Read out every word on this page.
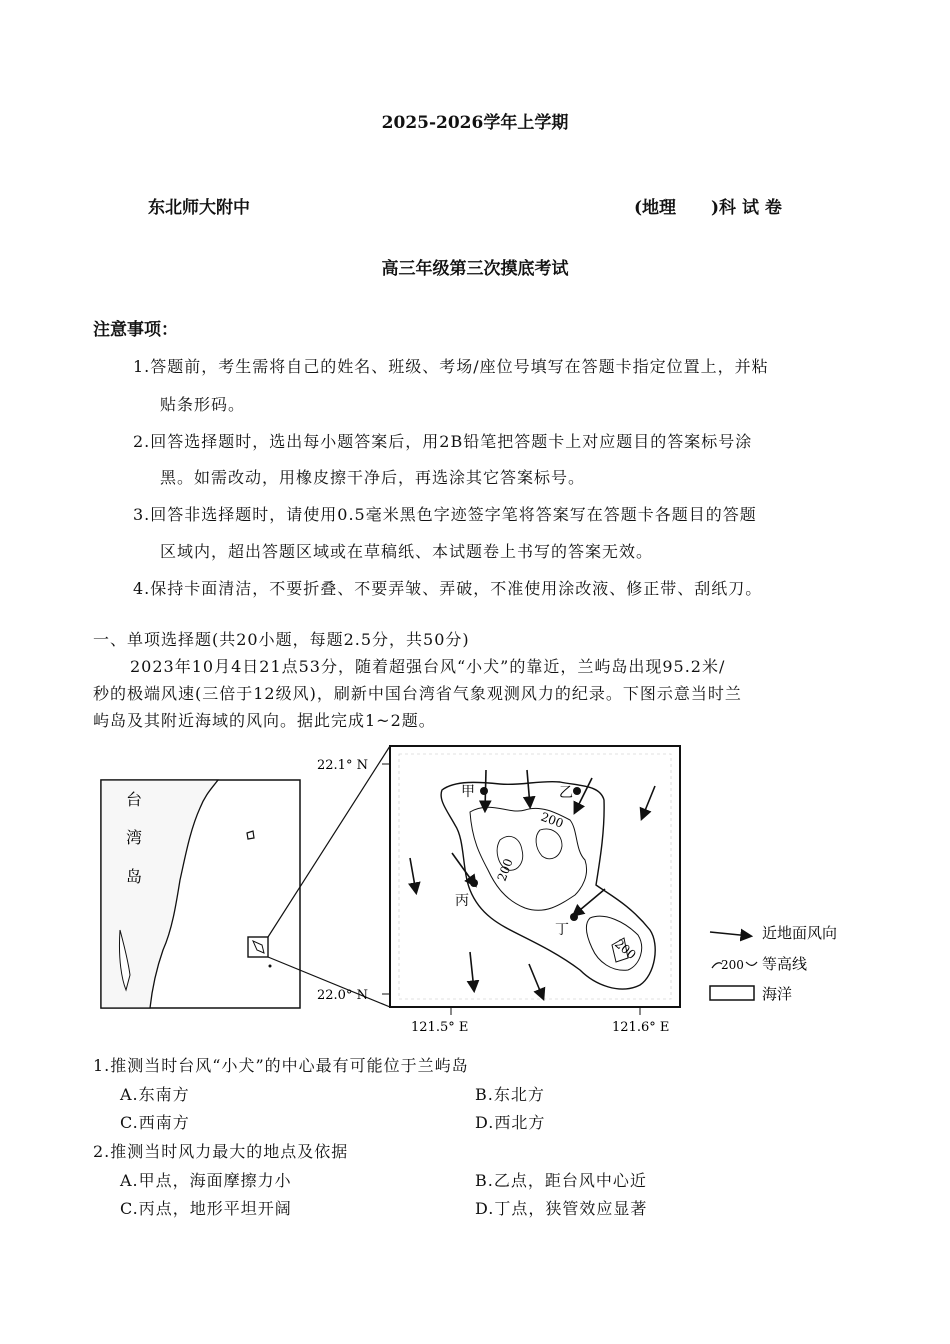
2025-2026学年上学期
东北师大附中	(地理 )科 试 卷
高三年级第三次摸底考试
注意事项：
1.答题前，考生需将自己的姓名、班级、考场/座位号填写在答题卡指定位置上，并粘
贴条形码。
2.回答选择题时，选出每小题答案后，用2B铅笔把答题卡上对应题目的答案标号涂
黑。如需改动，用橡皮擦干净后，再选涂其它答案标号。
3.回答非选择题时，请使用0.5毫米黑色字迹签字笔将答案写在答题卡各题目的答题
区域内，超出答题区域或在草稿纸、本试题卷上书写的答案无效。
4.保持卡面清洁，不要折叠、不要弄皱、弄破，不准使用涂改液、修正带、刮纸刀。
一、单项选择题(共20小题，每题2.5分，共50分)
2023年10月4日21点53分，随着超强台风“小犬”的靠近，兰屿岛出现95.2米/
秒的极端风速(三倍于12级风)，刷新中国台湾省气象观测风力的纪录。下图示意当时兰
屿岛及其附近海域的风向。据此完成1~2题。
台
湾
岛
22.1° N
22.0° N
121.5° E	121.6° E
200
200
200
甲	乙
丙
丁	近地面风向
200 等高线
海洋
1.推测当时台风“小犬”的中心最有可能位于兰屿岛
A.东南方	B.东北方
C.西南方	D.西北方
2.推测当时风力最大的地点及依据
A.甲点，海面摩擦力小	B.乙点，距台风中心近
C.丙点，地形平坦开阔	D.丁点，狭管效应显著
